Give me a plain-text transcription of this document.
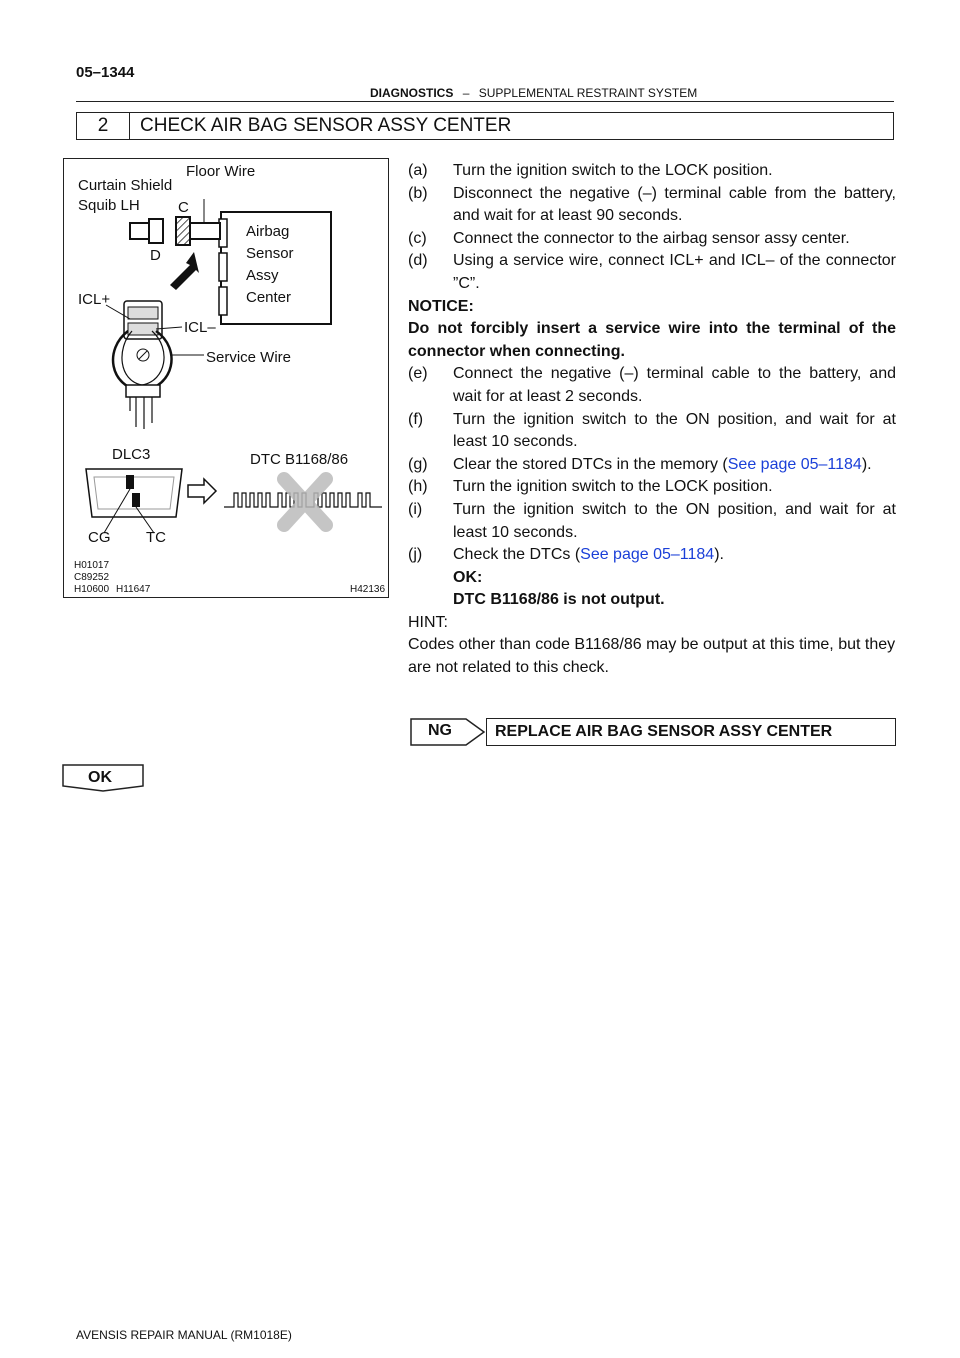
05–1344
DIAGNOSTICS – SUPPLEMENTAL RESTRAINT SYSTEM
2	CHECK AIR BAG SENSOR ASSY CENTER
Floor Wire
Curtain Shield
Squib LH	C
D
Airbag
Sensor
Assy
Center
ICL+
ICL–
Service Wire
DLC3	DTC B1168/86
CG TC
H01017
C89252
H10600 H11647	H42136
(a)	Turn the ignition switch to the LOCK position.
(b)	Disconnect the negative (–) terminal cable from the battery, and wait for at least 90 seconds.
(c)	Connect the connector to the airbag sensor assy center.
(d)	Using a service wire, connect ICL+ and ICL– of the connector ”C”.
NOTICE:
Do not forcibly insert a service wire into the terminal of the connector when connecting.
(e)	Connect the negative (–) terminal cable to the battery, and wait for at least 2 seconds.
(f)	Turn the ignition switch to the ON position, and wait for at least 10 seconds.
(g)	Clear the stored DTCs in the memory (See page 05–1184).
(h)	Turn the ignition switch to the LOCK position.
(i)	Turn the ignition switch to the ON position, and wait for at least 10 seconds.
(j)	Check the DTCs (See page 05–1184).
OK:
DTC B1168/86 is not output.
HINT:
Codes other than code B1168/86 may be output at this time, but they are not related to this check.
NG	REPLACE AIR BAG SENSOR ASSY CENTER
OK
AVENSIS REPAIR MANUAL (RM1018E)
